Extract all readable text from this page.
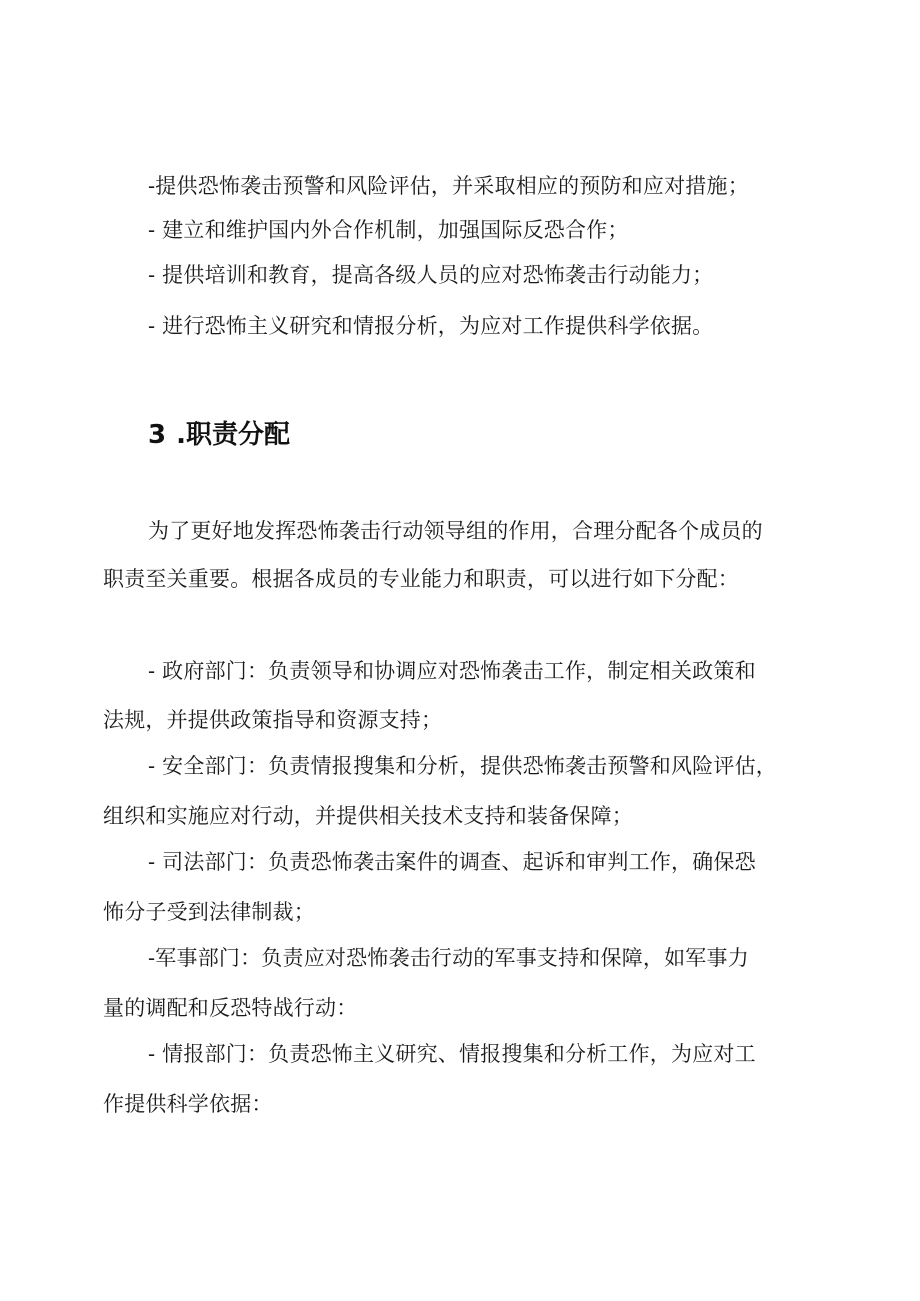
-提供恐怖袭击预警和风险评估，并采取相应的预防和应对措施；
- 建立和维护国内外合作机制，加强国际反恐合作；
- 提供培训和教育，提高各级人员的应对恐怖袭击行动能力；
- 进行恐怖主义研究和情报分析，为应对工作提供科学依据。
3 .职责分配
为了更好地发挥恐怖袭击行动领导组的作用，合理分配各个成员的
职责至关重要。根据各成员的专业能力和职责，可以进行如下分配：
- 政府部门：负责领导和协调应对恐怖袭击工作，制定相关政策和
法规，并提供政策指导和资源支持；
- 安全部门：负责情报搜集和分析，提供恐怖袭击预警和风险评估，
组织和实施应对行动，并提供相关技术支持和装备保障；
- 司法部门：负责恐怖袭击案件的调查、起诉和审判工作，确保恐
怖分子受到法律制裁；
-军事部门：负责应对恐怖袭击行动的军事支持和保障，如军事力
量的调配和反恐特战行动：
- 情报部门：负责恐怖主义研究、情报搜集和分析工作，为应对工
作提供科学依据：
